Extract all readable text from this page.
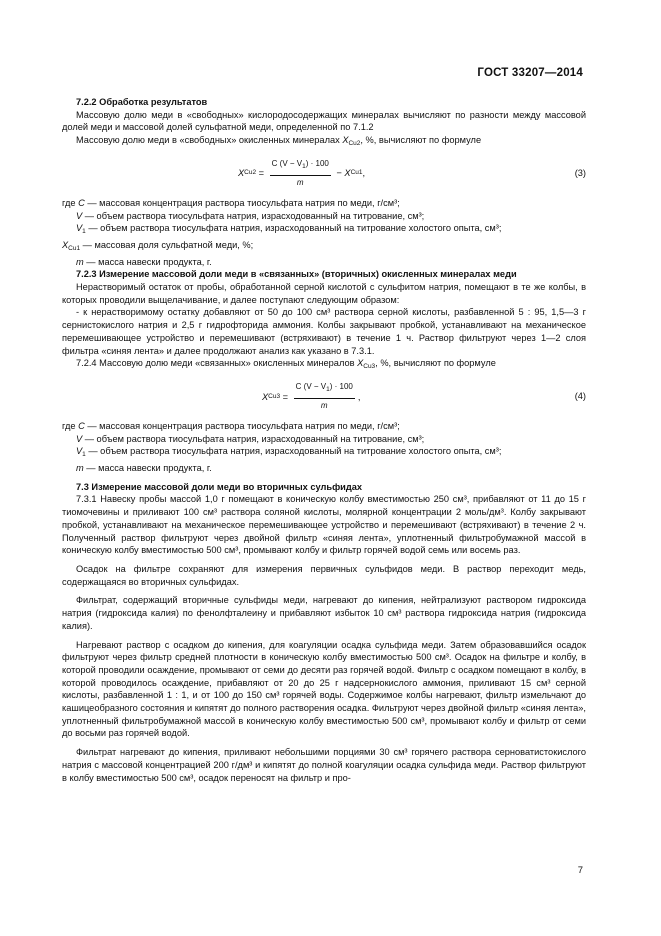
ГОСТ 33207—2014

7.2.2 Обработка результатов

Массовую долю меди в «свободных» кислородосодержащих минералах вычисляют по разности между массовой долей меди и массовой долей сульфатной меди, определенной по 7.1.2

Массовую долю меди в «свободных» окисленных минералах $X_{Cu2}$, %, вычисляют по формуле

X $Cu2 = \frac{C (V - V_1) \cdot 100}{m} - X$ Cu1 ,	(3)

где C — массовая концентрация раствора тиосульфата натрия по меди, г/см³;

V — объем раствора тиосульфата натрия, израсходованный на титрование, см³;

$V_1$ — объем раствора тиосульфата натрия, израсходованный на титрование холостого опыта, см³;

$X_{Cu1}$ — массовая доля сульфатной меди, %;

m — масса навески продукта, г.

7.2.3 Измерение массовой доли меди в «связанных» (вторичных) окисленных минералах меди

Нерастворимый остаток от пробы, обработанной серной кислотой с сульфитом натрия, помещают в те же колбы, в которых проводили выщелачивание, и далее поступают следующим образом:

- к нерастворимому остатку добавляют от 50 до 100 см³ раствора серной кислоты, разбавленной 5 : 95, 1,5—3 г сернистокислого натрия и 2,5 г гидрофторида аммония. Колбы закрывают пробкой, устанавливают на механическое перемешивающее устройство и перемешивают (встряхивают) в течение 1 ч. Раствор фильтруют через 1—2 слоя фильтра «синяя лента» и далее продолжают анализ как указано в 7.3.1.

7.2.4 Массовую долю меди «связанных» окисленных минералов $X_{Cu3}$, %, вычисляют по формуле

X $Cu3 = \frac{C (V - V_1) \cdot 100}{m}$ ,	(4)

где C — массовая концентрация раствора тиосульфата натрия по меди, г/см³;

V — объем раствора тиосульфата натрия, израсходованный на титрование, см³;

$V_1$ — объем раствора тиосульфата натрия, израсходованный на титрование холостого опыта, см³;

m — масса навески продукта, г.

7.3 Измерение массовой доли меди во вторичных сульфидах

7.3.1 Навеску пробы массой 1,0 г помещают в коническую колбу вместимостью 250 см³, прибавляют от 11 до 15 г тиомочевины и приливают 100 см³ раствора соляной кислоты, молярной концентрации 2 моль/дм³. Колбу закрывают пробкой, устанавливают на механическое перемешивающее устройство и перемешивают (встряхивают) в течение 2 ч. Полученный раствор фильтруют через двойной фильтр «синяя лента», уплотненный фильтробумажной массой в коническую колбу вместимостью 500 см³, промывают колбу и фильтр горячей водой семь или восемь раз.

Осадок на фильтре сохраняют для измерения первичных сульфидов меди. В раствор переходит медь, содержащаяся во вторичных сульфидах.

Фильтрат, содержащий вторичные сульфиды меди, нагревают до кипения, нейтрализуют раствором гидроксида натрия (гидроксида калия) по фенолфталеину и прибавляют избыток 10 см³ раствора гидроксида натрия (гидроксида калия).

Нагревают раствор с осадком до кипения, для коагуляции осадка сульфида меди. Затем образовавшийся осадок фильтруют через фильтр средней плотности в коническую колбу вместимостью 500 см³. Осадок на фильтре и колбу, в которой проводили осаждение, промывают от семи до десяти раз горячей водой. Фильтр с осадком помещают в колбу, в которой проводилось осаждение, прибавляют от 20 до 25 г надсернокислого аммония, приливают 15 см³ серной кислоты, разбавленной 1 : 1, и от 100 до 150 см³ горячей воды. Содержимое колбы нагревают, фильтр измельчают до кашицеобразного состояния и кипятят до полного растворения осадка. Фильтруют через двойной фильтр «синяя лента», уплотненный фильтробумажной массой в коническую колбу вместимостью 500 см³, промывают колбу и фильтр от семи до восьми раз горячей водой.

Фильтрат нагревают до кипения, приливают небольшими порциями 30 см³ горячего раствора серноватистокислого натрия с массовой концентрацией 200 г/дм³ и кипятят до полной коагуляции осадка сульфида меди. Раствор фильтруют в колбу вместимостью 500 см³, осадок переносят на фильтр и про-

7
